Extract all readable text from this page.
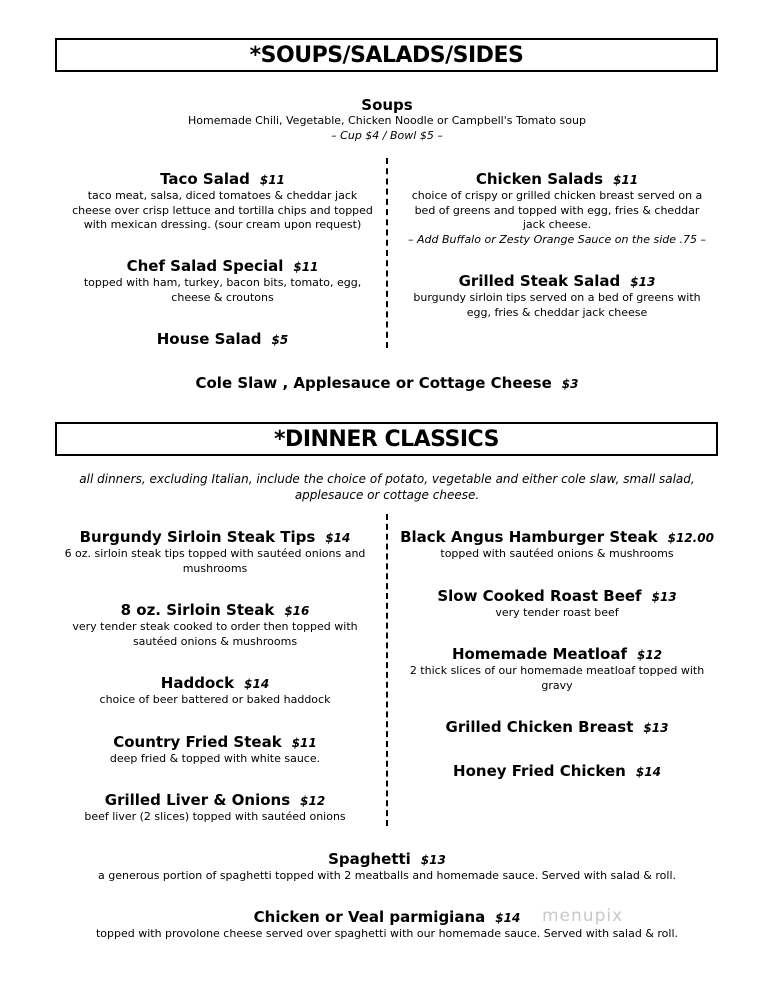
*SOUPS/SALADS/SIDES
Soups
Homemade Chili, Vegetable, Chicken Noodle or Campbell's Tomato soup
– Cup $4 / Bowl $5 –
Taco Salad $11
taco meat, salsa, diced tomatoes & cheddar jack
cheese over crisp lettuce and tortilla chips and topped
with mexican dressing. (sour cream upon request)
Chef Salad Special $11
topped with ham, turkey, bacon bits, tomato, egg,
cheese & croutons
House Salad $5
Chicken Salads $11
choice of crispy or grilled chicken breast served on a
bed of greens and topped with egg, fries & cheddar
jack cheese.
– Add Buffalo or Zesty Orange Sauce on the side .75 –
Grilled Steak Salad $13
burgundy sirloin tips served on a bed of greens with
egg, fries & cheddar jack cheese
Cole Slaw , Applesauce or Cottage Cheese $3
*DINNER CLASSICS
all dinners, excluding Italian, include the choice of potato, vegetable and either cole slaw, small salad,
applesauce or cottage cheese.
Burgundy Sirloin Steak Tips $14
6 oz. sirloin steak tips topped with sautéed onions and
mushrooms
8 oz. Sirloin Steak $16
very tender steak cooked to order then topped with
sautéed onions & mushrooms
Haddock $14
choice of beer battered or baked haddock
Country Fried Steak $11
deep fried & topped with white sauce.
Grilled Liver & Onions $12
beef liver (2 slices) topped with sautéed onions
Black Angus Hamburger Steak $12.00
topped with sautéed onions & mushrooms
Slow Cooked Roast Beef $13
very tender roast beef
Homemade Meatloaf $12
2 thick slices of our homemade meatloaf topped with
gravy
Grilled Chicken Breast $13
Honey Fried Chicken $14
Spaghetti $13
a generous portion of spaghetti topped with 2 meatballs and homemade sauce. Served with salad & roll.
Chicken or Veal parmigiana $14
topped with provolone cheese served over spaghetti with our homemade sauce. Served with salad & roll.
menupix
